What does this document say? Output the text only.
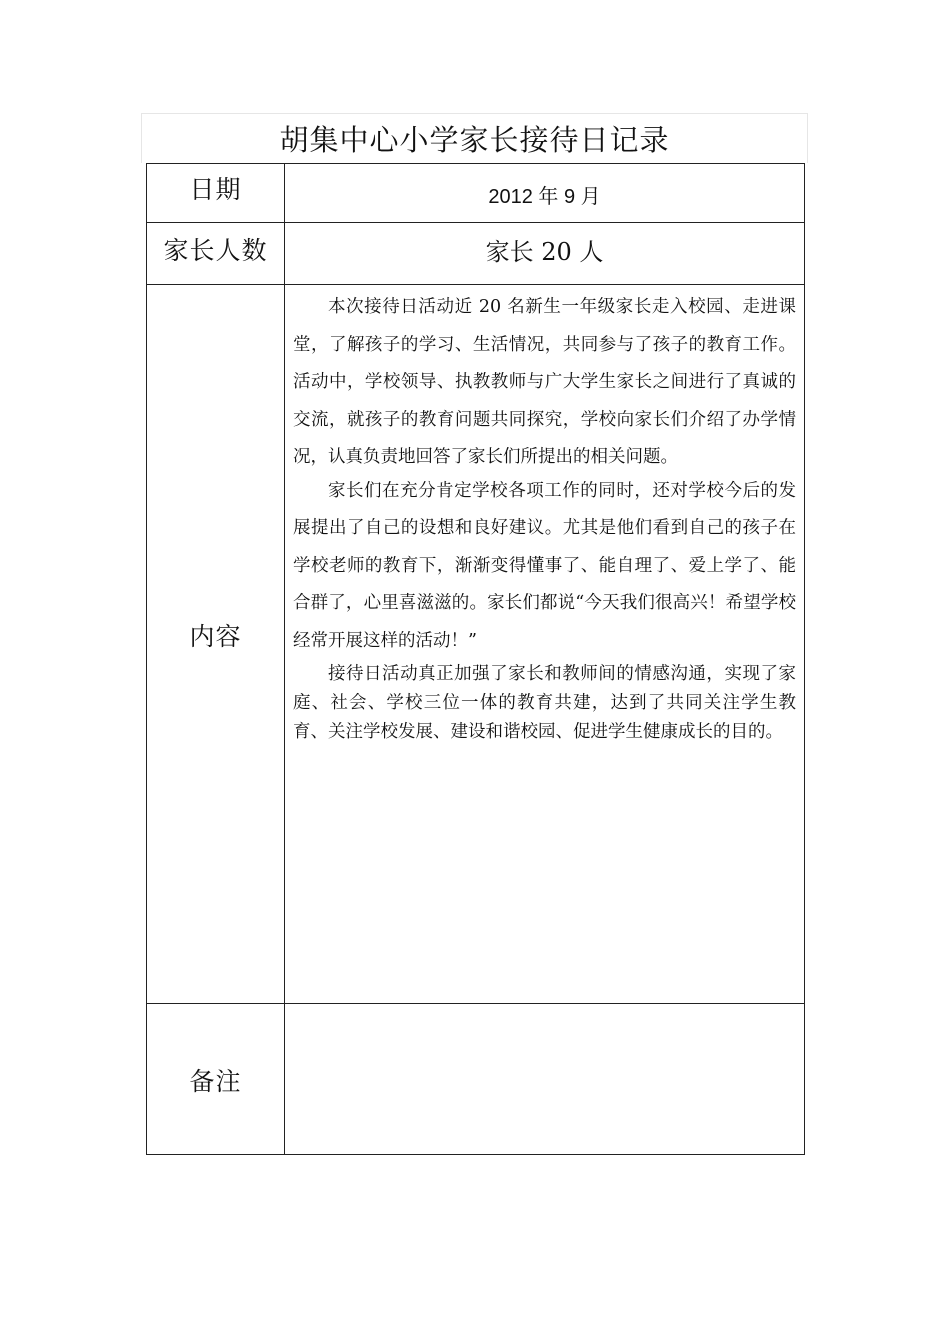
胡集中心小学家长接待日记录
日期	2012 年 9 月
家长人数	家长 20 人
内容	本次接待日活动近 20 名新生一年级家长走入校园、走进课堂，了解孩子的学习、生活情况，共同参与了孩子的教育工作。活动中，学校领导、执教教师与广大学生家长之间进行了真诚的交流，就孩子的教育问题共同探究，学校向家长们介绍了办学情况，认真负责地回答了家长们所提出的相关问题。

家长们在充分肯定学校各项工作的同时，还对学校今后的发展提出了自己的设想和良好建议。尤其是他们看到自己的孩子在学校老师的教育下，渐渐变得懂事了、能自理了、爱上学了、能合群了，心里喜滋滋的。家长们都说“今天我们很高兴！希望学校经常开展这样的活动！”

接待日活动真正加强了家长和教师间的情感沟通，实现了家庭、社会、学校三位一体的教育共建，达到了共同关注学生教育、关注学校发展、建设和谐校园、促进学生健康成长的目的。

备注	
